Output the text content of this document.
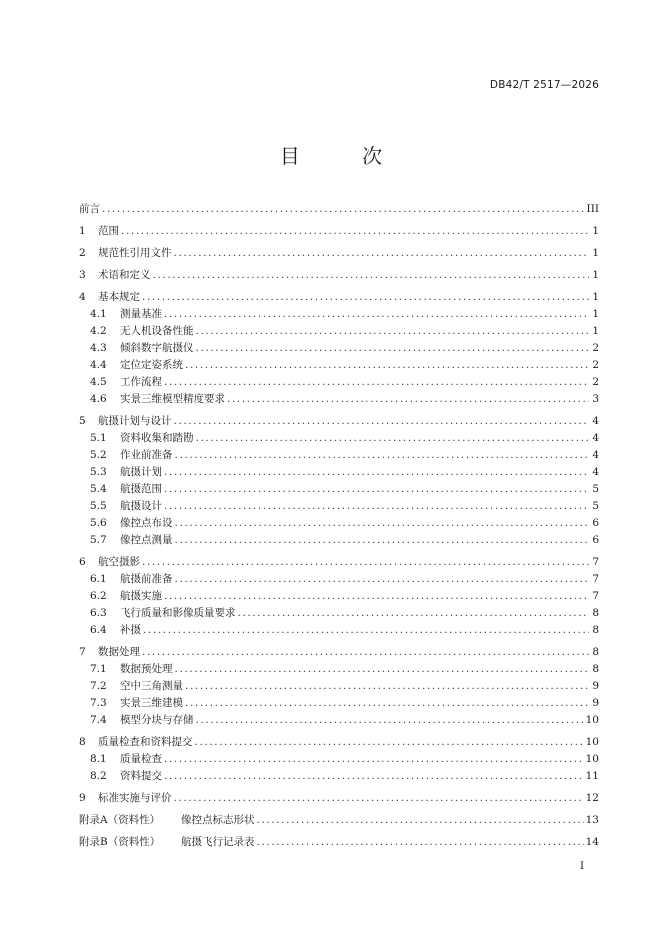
DB42/T 2517—2026
目 次
前言 .....	III
1 范围 .....	1
2 规范性引用文件 .....	1
3 术语和定义 .....	1
4 基本规定 .....	1
4.1 测量基准 .....	1
4.2 无人机设备性能 .....	1
4.3 倾斜数字航摄仪 .....	2
4.4 定位定姿系统 .....	2
4.5 工作流程 .....	2
4.6 实景三维模型精度要求 .....	3
5 航摄计划与设计 .....	4
5.1 资料收集和踏勘 .....	4
5.2 作业前准备 .....	4
5.3 航摄计划 .....	4
5.4 航摄范围 .....	5
5.5 航摄设计 .....	5
5.6 像控点布设 .....	6
5.7 像控点测量 .....	6
6 航空摄影 .....	7
6.1 航摄前准备 .....	7
6.2 航摄实施 .....	7
6.3 飞行质量和影像质量要求 .....	8
6.4 补摄 .....	8
7 数据处理 .....	8
7.1 数据预处理 .....	8
7.2 空中三角测量 .....	9
7.3 实景三维建模 .....	9
7.4 模型分块与存储 .....	10
8 质量检查和资料提交 .....	10
8.1 质量检查 .....	10
8.2 资料提交 .....	11
9 标准实施与评价 .....	12
附录A（资料性） 像控点标志形状 .....	13
附录B（资料性） 航摄飞行记录表 .....	14
I
